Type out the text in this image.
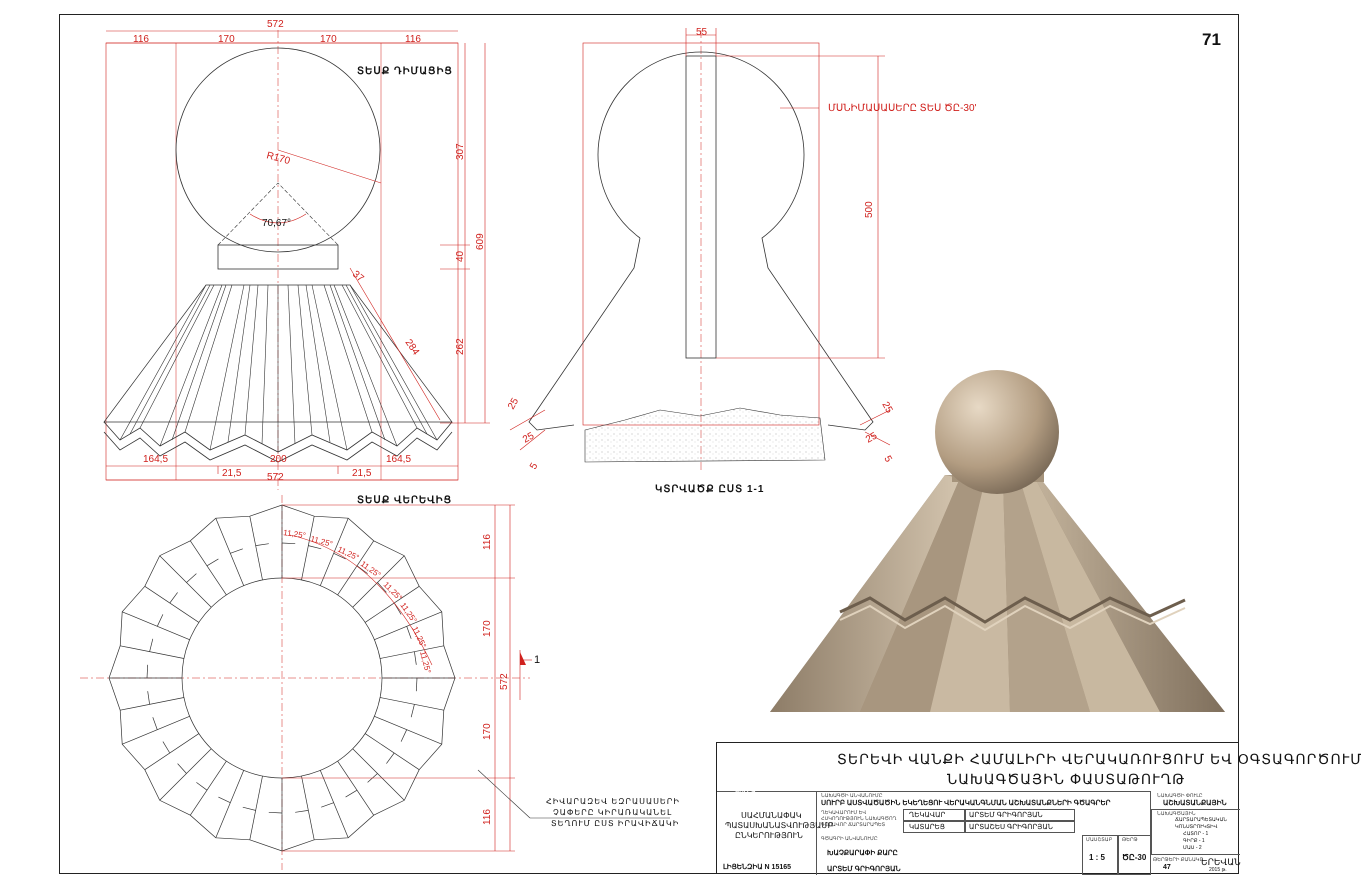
71
ՏԵՍՔ ԴԻՄԱՑԻՑ
572
116	170	170	116
R170
70,67°
307
40
609
262
37
284
164,5
21,5
200
21,5
164,5
572
55
ՄՍՆԻՄԱՍԱՍԵՐԸ ՏԵՍ ԾԸ-30'
500
25
25
5
25
25
5
ԿՏՐՎԱԾՔ ԸՍՏ 1-1
ՏԵՍՔ ՎԵՐԵՎԻՑ
116
170
572
170
116
11,25°
11,25°
11,25°
11,25°
11,25°
11,25°
11,25°
11,25°	1
ՀԻՎԱՐԱԶԵՎ ԵԶՐԱՍԱՍԵՐԻ
ՉԱՓԵՐԸ ԿԻՐԱՌԱԿԱՆԵԼ
ՏԵՂՈՒՄ ԸՍՏ ԻՐԱՎԻՃԱԿԻ
ՏԵՐԵՎԻ ՎԱՆՔԻ ՀԱՄԱԼԻՐԻ ՎԵՐԱԿԱՌՈՒՑՈՒՄ ԵՎ ՕԳՏԱԳՈՐԾՈՒՄ
ՆԱԽԱԳԾԱՅԻՆ ՓԱՍՏԱԹՈՒՂԹ
ՏՈՒՐԱ
ՍԱՀՄԱՆԱՓԱԿ
ՊԱՏԱՍԽԱՆԱՏՎՈՒԹՅԱՄԲ
ԸՆԿԵՐՈՒԹՅՈՒՆ
ԼԻՑԵՆԶԻԱ N 15165
ՆԱԽԱԳԾԻ ԱՆՎԱՆՈՒՄԸ
ՍՈՒՐԲ ԱՍՏՎԱԾԱԾԻՆ ԵԿԵՂԵՑՈՒ ՎԵՐԱԿԱՆԳՆՄԱՆ ԱՇԽԱՏԱՆՔՆԵՐԻ ԳԾԱԳՐԵՐ
ՂԵԿԱՎԱՐՈՒՄ ԵՎ ՀՍԿՈՂՈՒԹՅՈՒՆ ՆԱԽԱԳԾՈՂ ԳԼԽԱՎՈՐ ՃԱՐՏԱՐԱՊԵՏ
ՂԵԿԱՎԱՐ	ԱՐՏԵՄ ԳՐԻԳՈՐՅԱՆ
ԿԱՏԱՐԵՑ	ԱՐՏԱՇԵՍ ԳՐԻԳՈՐՅԱՆ
ԳԾԱԳՐԻ ԱՆՎԱՆՈՒՄԸ
ԽԱՉՔԱՐԱՓԻ ՔԱՐԸ
ԱՐՏԵՄ ԳՐԻԳՈՐՅԱՆ
ՄԱՍՇՏԱԲ
1 : 5
ԹԵՐԹ
ԾԸ-30
ՆԱԽԱԳԾԻ ՓՈՒԼԸ
ԱՇԽԱՏԱՆՔԱՅԻՆ
ՆԱԽԱԳԾԱՅԻՆ
ՃԱՐՏԱՐԱՊԵՏԱԿԱՆ
ԿՈՆՍՏՐՈՒԿՏԻՎ
ՀԱՏՈՐ - 1
ԳԻՐՔ - 1
ՄԱՍ - 2
ԹԵՐԹԵՐԻ ՔԱՆԱԿԸ
47
ԵՐԵՎԱՆ
2015 թ.
